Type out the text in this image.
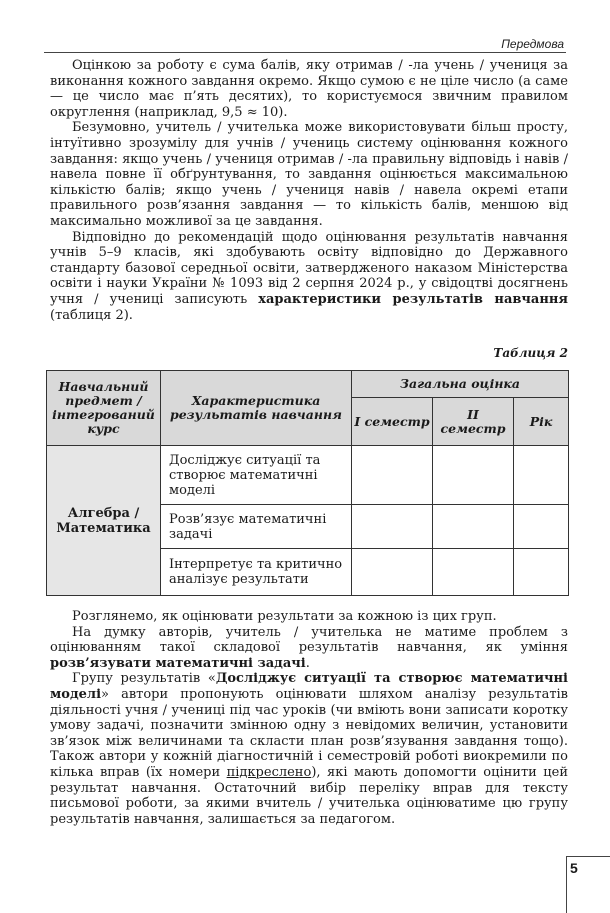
Передмова

Оцінкою за роботу є сума балів, яку отримав / -ла учень / учениця за виконання кожного завдання окремо. Якщо сумою є не ціле число (а саме — це число має п’ять десятих), то користуємося звичним правилом округлення (наприклад, 9,5 ≈ 10).

Безумовно, учитель / учителька може використовувати більш просту, інтуїтивно зрозумілу для учнів / учениць систему оцінювання кожного завдання: якщо учень / учениця отримав / -ла правильну відповідь і навів / навела повне її обґрунтування, то завдання оцінюється максимальною кількістю балів; якщо учень / учениця навів / навела окремі етапи правильного розв’язання завдання — то кількість балів, меншою від максимально можливої за це завдання.

Відповідно до рекомендацій щодо оцінювання результатів навчання учнів 5–9 класів, які здобувають освіту відповідно до Державного стандарту базової середньої освіти, затвердженого наказом Міністерства освіти і науки України № 1093 від 2 серпня 2024 р., у свідоцтві досягнень учня / учениці записують характеристики результатів навчання (таблиця 2).

Таблиця 2
Навчальний предмет / інтегрований курс	Характеристика результатів навчання	Загальна оцінка		
		I семестр	II семестр	Рік
Алгебра / Математика	Досліджує ситуації та створює математичні моделі			
	Розв’язує математичні задачі			
	Інтерпретує та критично аналізує результати			

Розглянемо, як оцінювати результати за кожною із цих груп.

На думку авторів, учитель / учителька не матиме проблем з оцінюванням такої складової результатів навчання, як уміння розв’язувати математичні задачі.

Групу результатів «Досліджує ситуації та створює математичні моделі» автори пропонують оцінювати шляхом аналізу результатів діяльності учня / учениці під час уроків (чи вміють вони записати коротку умову задачі, позначити змінною одну з невідомих величин, установити зв’язок між величинами та скласти план розв’язування завдання тощо). Також автори у кожній діагностичній і семестровій роботі виокремили по кілька вправ (їх номери підкреслено), які мають допомогти оцінити цей результат навчання. Остаточний вибір переліку вправ для тексту письмової роботи, за якими вчитель / учителька оцінюватиме цю групу результатів навчання, залишається за педагогом.

5
